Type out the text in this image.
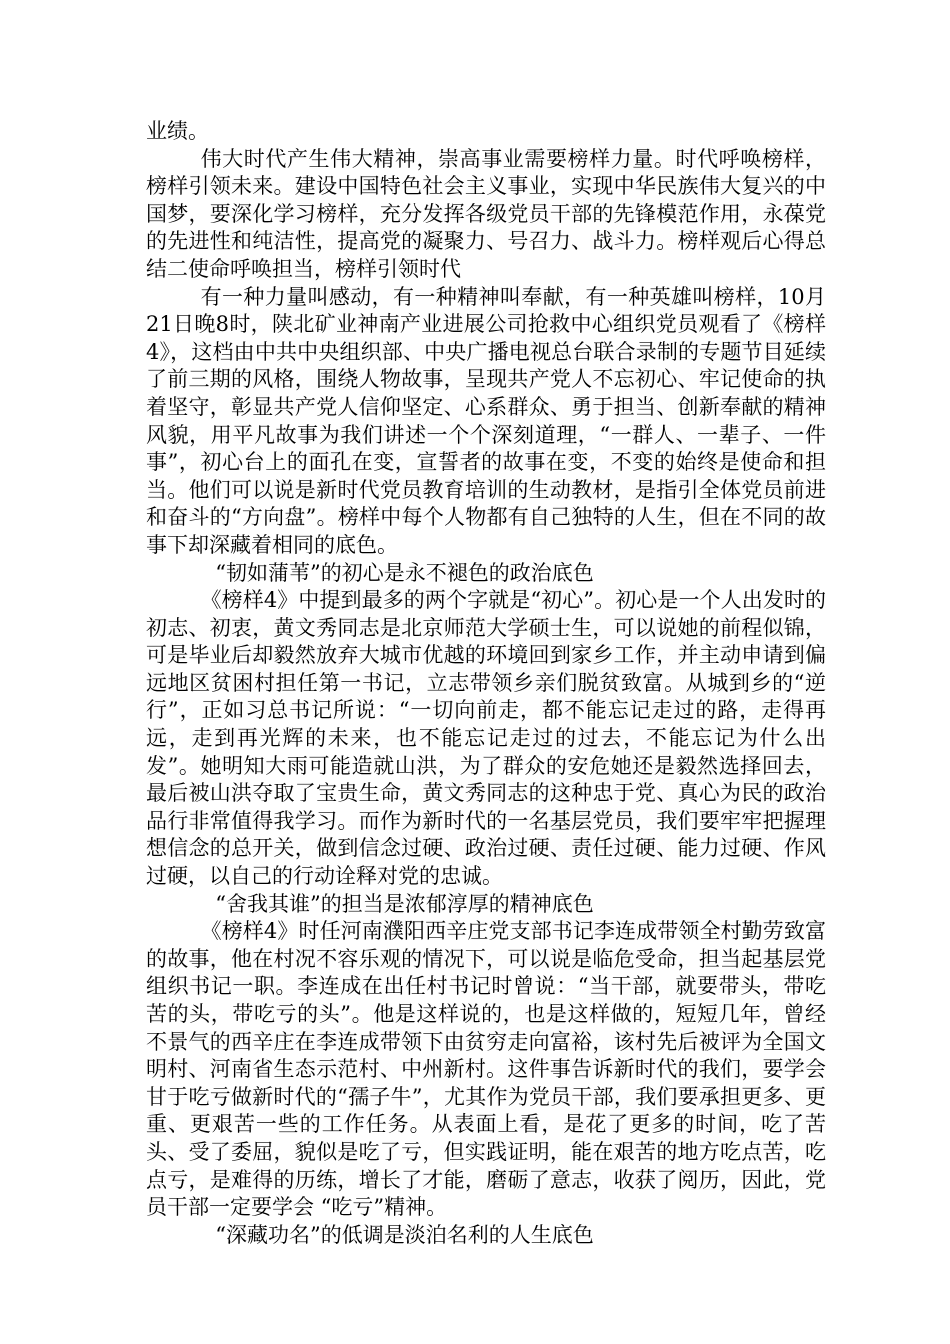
业绩。

伟大时代产生伟大精神，崇高事业需要榜样力量。时代呼唤榜样，榜样引领未来。建设中国特色社会主义事业，实现中华民族伟大复兴的中国梦，要深化学习榜样，充分发挥各级党员干部的先锋模范作用，永葆党的先进性和纯洁性，提高党的凝聚力、号召力、战斗力。榜样观后心得总结二使命呼唤担当，榜样引领时代

有一种力量叫感动，有一种精神叫奉献，有一种英雄叫榜样，10月21日晚8时，陕北矿业神南产业进展公司抢救中心组织党员观看了《榜样4》，这档由中共中央组织部、中央广播电视总台联合录制的专题节目延续了前三期的风格，围绕人物故事，呈现共产党人不忘初心、牢记使命的执着坚守，彰显共产党人信仰坚定、心系群众、勇于担当、创新奉献的精神风貌，用平凡故事为我们讲述一个个深刻道理，“一群人、一辈子、一件事”，初心台上的面孔在变，宣誓者的故事在变，不变的始终是使命和担当。他们可以说是新时代党员教育培训的生动教材，是指引全体党员前进和奋斗的“方向盘”。榜样中每个人物都有自己独特的人生，但在不同的故事下却深藏着相同的底色。

“韧如蒲苇”的初心是永不褪色的政治底色

《榜样4》中提到最多的两个字就是“初心”。初心是一个人出发时的初志、初衷，黄文秀同志是北京师范大学硕士生，可以说她的前程似锦，可是毕业后却毅然放弃大城市优越的环境回到家乡工作，并主动申请到偏远地区贫困村担任第一书记，立志带领乡亲们脱贫致富。从城到乡的“逆行”，正如习总书记所说：“一切向前走，都不能忘记走过的路，走得再远，走到再光辉的未来，也不能忘记走过的过去，不能忘记为什么出发”。她明知大雨可能造就山洪，为了群众的安危她还是毅然选择回去，最后被山洪夺取了宝贵生命，黄文秀同志的这种忠于党、真心为民的政治品行非常值得我学习。而作为新时代的一名基层党员，我们要牢牢把握理想信念的总开关，做到信念过硬、政治过硬、责任过硬、能力过硬、作风过硬，以自己的行动诠释对党的忠诚。

“舍我其谁”的担当是浓郁淳厚的精神底色

《榜样4》时任河南濮阳西辛庄党支部书记李连成带领全村勤劳致富的故事，他在村况不容乐观的情况下，可以说是临危受命，担当起基层党组织书记一职。李连成在出任村书记时曾说：“当干部，就要带头，带吃苦的头，带吃亏的头”。他是这样说的，也是这样做的，短短几年，曾经不景气的西辛庄在李连成带领下由贫穷走向富裕，该村先后被评为全国文明村、河南省生态示范村、中州新村。这件事告诉新时代的我们，要学会甘于吃亏做新时代的“孺子牛”，尤其作为党员干部，我们要承担更多、更重、更艰苦一些的工作任务。从表面上看，是花了更多的时间，吃了苦头、受了委屈，貌似是吃了亏，但实践证明，能在艰苦的地方吃点苦，吃点亏，是难得的历练，增长了才能，磨砺了意志，收获了阅历，因此，党员干部一定要学会 “吃亏”精神。

“深藏功名”的低调是淡泊名利的人生底色
